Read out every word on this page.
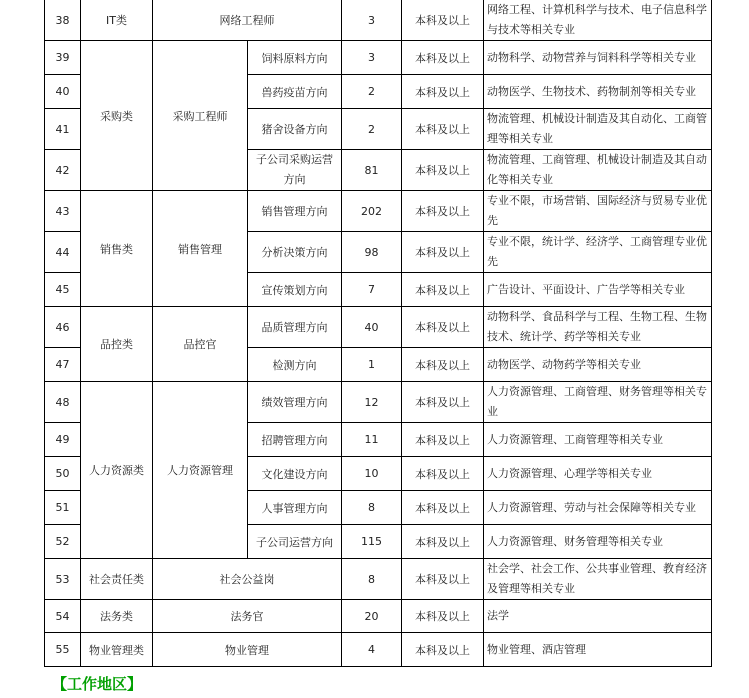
38	IT类	网络工程师		3	本科及以上	网络工程、计算机科学与技术、电子信息科学与技术等相关专业
39	采购类	采购工程师	饲料原料方向	3	本科及以上	动物科学、动物营养与饲料科学等相关专业
40			兽药疫苗方向	2	本科及以上	动物医学、生物技术、药物制剂等相关专业
41			猪舍设备方向	2	本科及以上	物流管理、机械设计制造及其自动化、工商管理等相关专业
42			子公司采购运营方向	81	本科及以上	物流管理、工商管理、机械设计制造及其自动化等相关专业
43	销售类	销售管理	销售管理方向	202	本科及以上	专业不限，市场营销、国际经济与贸易专业优先
44			分析决策方向	98	本科及以上	专业不限，统计学、经济学、工商管理专业优先
45			宣传策划方向	7	本科及以上	广告设计、平面设计、广告学等相关专业
46	品控类	品控官	品质管理方向	40	本科及以上	动物科学、食品科学与工程、生物工程、生物技术、统计学、药学等相关专业
47			检测方向	1	本科及以上	动物医学、动物药学等相关专业
48	人力资源类	人力资源管理	绩效管理方向	12	本科及以上	人力资源管理、工商管理、财务管理等相关专业
49			招聘管理方向	11	本科及以上	人力资源管理、工商管理等相关专业
50			文化建设方向	10	本科及以上	人力资源管理、心理学等相关专业
51			人事管理方向	8	本科及以上	人力资源管理、劳动与社会保障等相关专业
52			子公司运营方向	115	本科及以上	人力资源管理、财务管理等相关专业
53	社会责任类	社会公益岗		8	本科及以上	社会学、社会工作、公共事业管理、教育经济及管理等相关专业
54	法务类	法务官		20	本科及以上	法学
55	物业管理类	物业管理		4	本科及以上	物业管理、酒店管理
【工作地区】
